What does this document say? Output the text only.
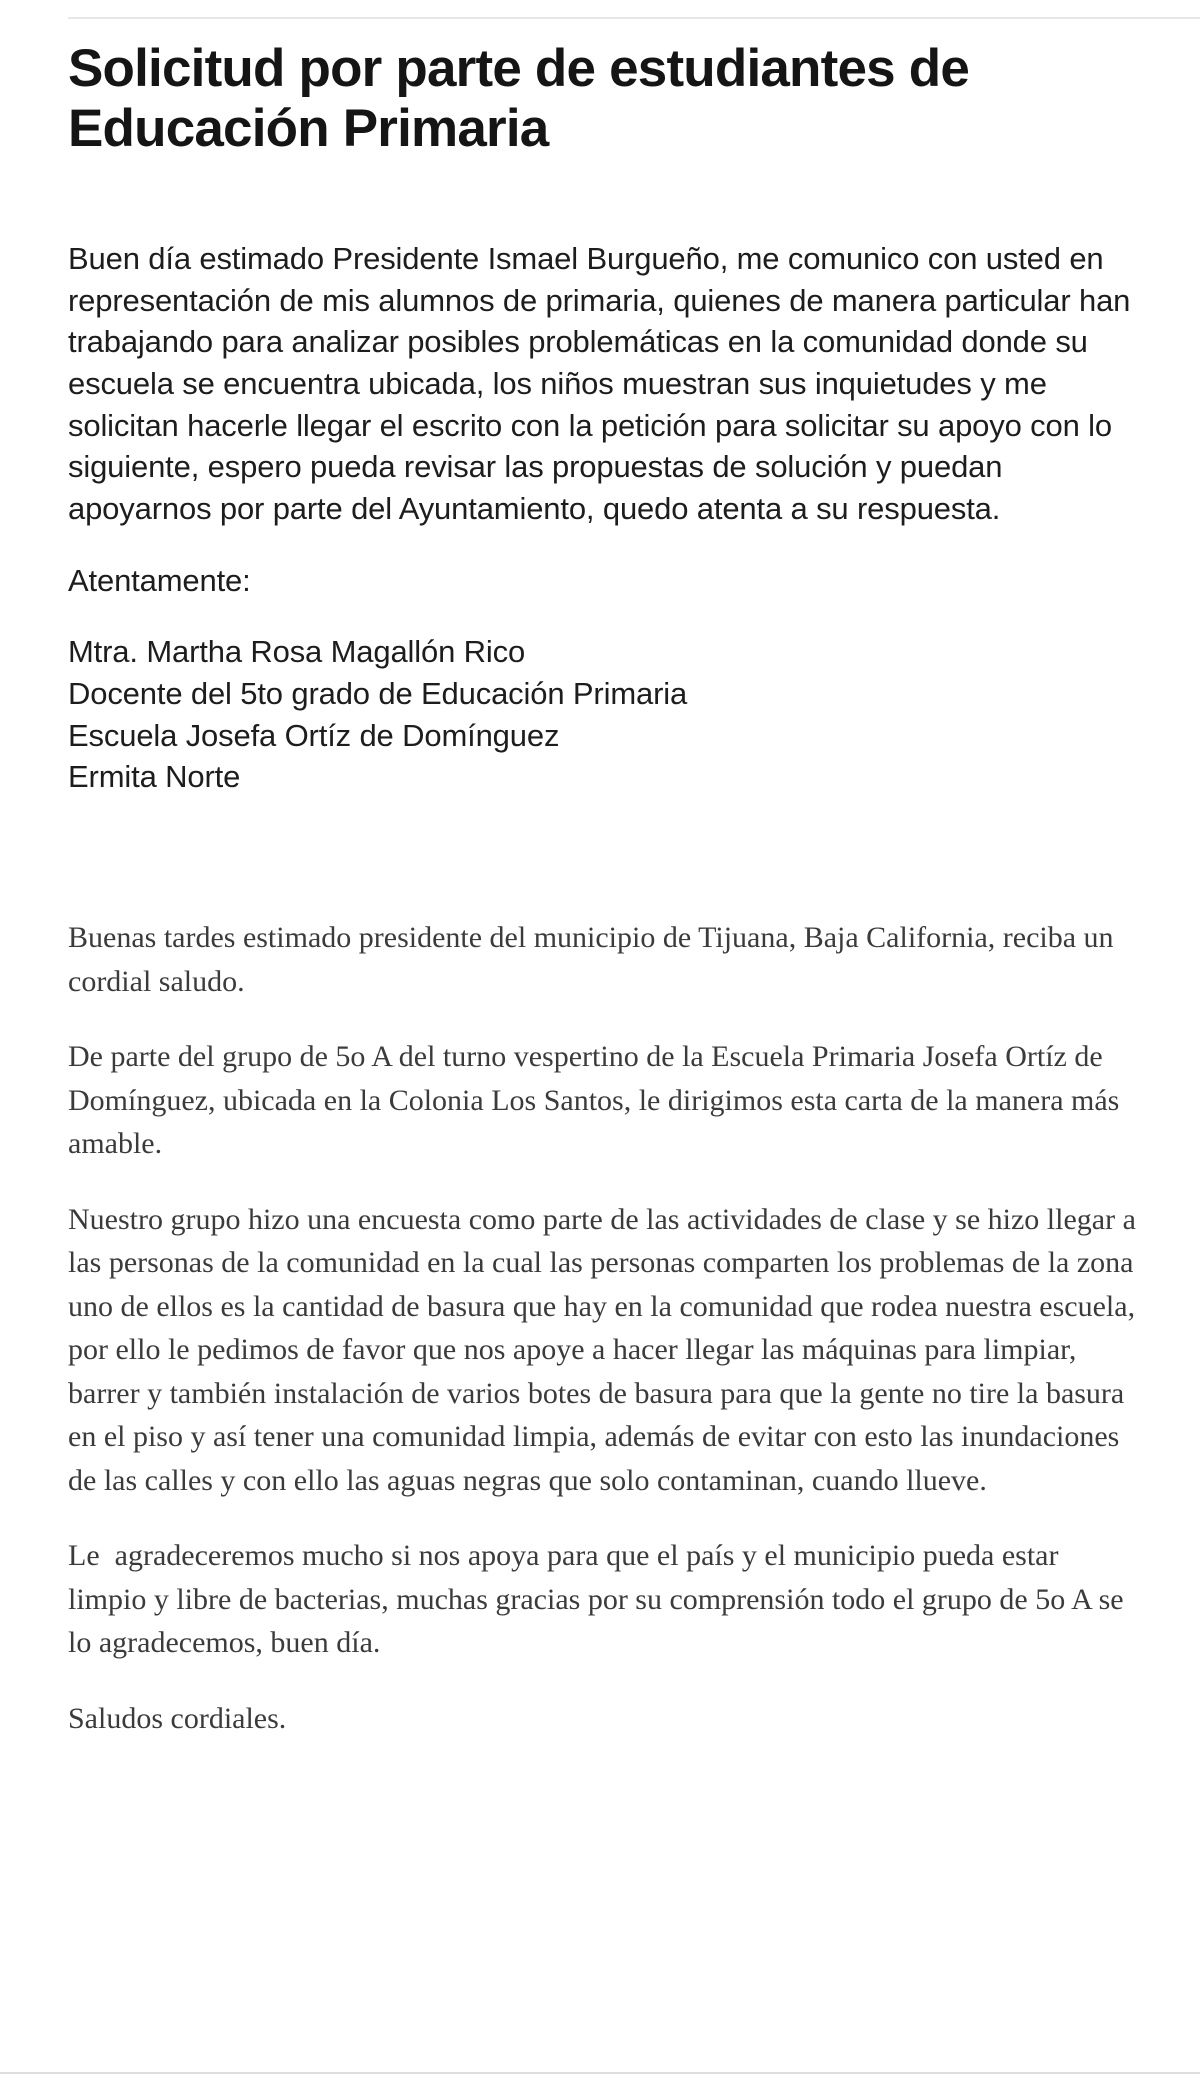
Solicitud por parte de estudiantes de Educación Primaria

Buen día estimado Presidente Ismael Burgueño, me comunico con usted en representación de mis alumnos de primaria, quienes de manera particular han trabajando para analizar posibles problemáticas en la comunidad donde su escuela se encuentra ubicada, los niños muestran sus inquietudes y me solicitan hacerle llegar el escrito con la petición para solicitar su apoyo con lo siguiente, espero pueda revisar las propuestas de solución y puedan apoyarnos por parte del Ayuntamiento, quedo atenta a su respuesta.

Atentamente:

Mtra. Martha Rosa Magallón Rico
Docente del 5to grado de Educación Primaria
Escuela Josefa Ortíz de Domínguez
Ermita Norte

Buenas tardes estimado presidente del municipio de Tijuana, Baja California, reciba un cordial saludo.

De parte del grupo de 5o A del turno vespertino de la Escuela Primaria Josefa Ortíz de Domínguez, ubicada en la Colonia Los Santos, le dirigimos esta carta de la manera más amable.

Nuestro grupo hizo una encuesta como parte de las actividades de clase y se hizo llegar a las personas de la comunidad en la cual las personas comparten los problemas de la zona uno de ellos es la cantidad de basura que hay en la comunidad que rodea nuestra escuela, por ello le pedimos de favor que nos apoye a hacer llegar las máquinas para limpiar, barrer y también instalación de varios botes de basura para que la gente no tire la basura en el piso y así tener una comunidad limpia, además de evitar con esto las inundaciones de las calles y con ello las aguas negras que solo contaminan, cuando llueve.

Le  agradeceremos mucho si nos apoya para que el país y el municipio pueda estar limpio y libre de bacterias, muchas gracias por su comprensión todo el grupo de 5o A se lo agradecemos, buen día.

Saludos cordiales.
